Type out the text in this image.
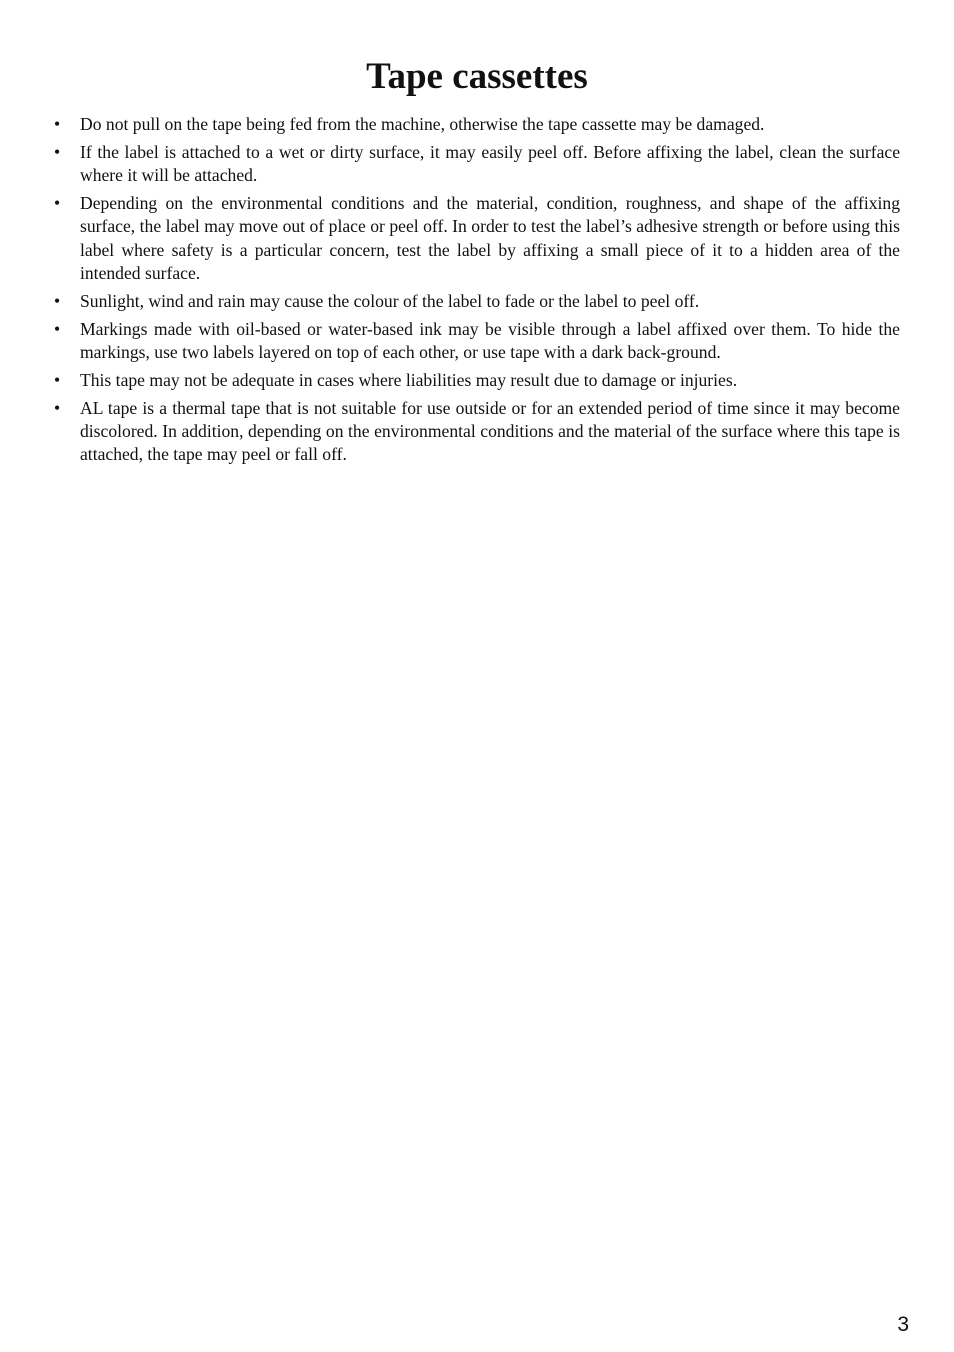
Tape cassettes
• Do not pull on the tape being fed from the machine, otherwise the tape cassette may be damaged.
• If the label is attached to a wet or dirty surface, it may easily peel off. Before affixing the label, clean the surface where it will be attached.
• Depending on the environmental conditions and the material, condition, roughness, and shape of the affixing surface, the label may move out of place or peel off. In order to test the label’s adhesive strength or before using this label where safety is a particular concern, test the label by affixing a small piece of it to a hidden area of the intended surface.
• Sunlight, wind and rain may cause the colour of the label to fade or the label to peel off.
• Markings made with oil-based or water-based ink may be visible through a label affixed over them. To hide the markings, use two labels layered on top of each other, or use tape with a dark back-ground.
• This tape may not be adequate in cases where liabilities may result due to damage or injuries.
• AL tape is a thermal tape that is not suitable for use outside or for an extended period of time since it may become discolored. In addition, depending on the environmental conditions and the material of the surface where this tape is attached, the tape may peel or fall off.
3
